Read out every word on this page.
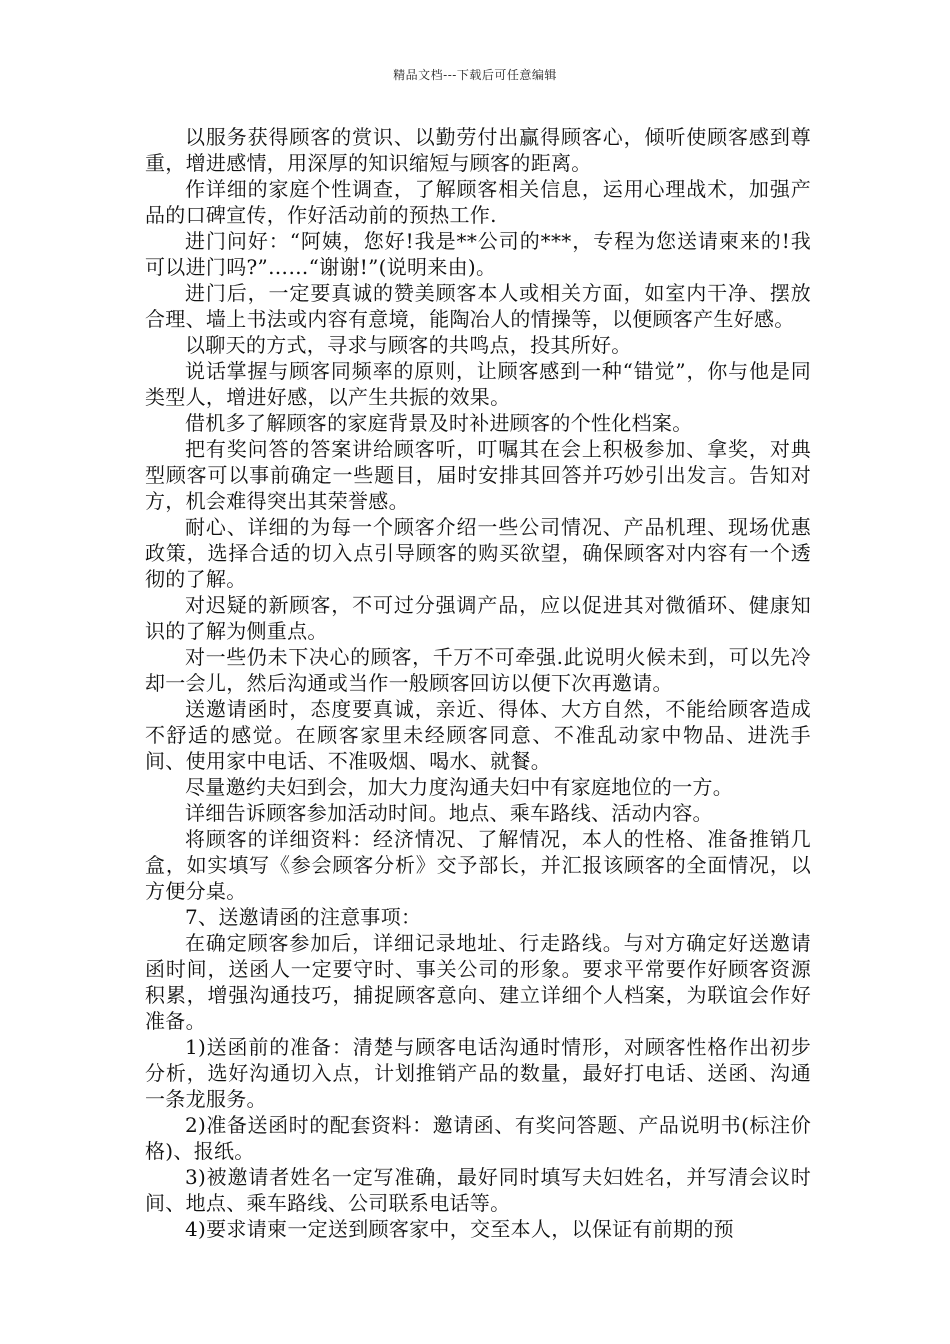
精品文档---下载后可任意编辑

以服务获得顾客的赏识、以勤劳付出赢得顾客心，倾听使顾客感到尊重，增进感情，用深厚的知识缩短与顾客的距离。

作详细的家庭个性调查，了解顾客相关信息，运用心理战术，加强产品的口碑宣传，作好活动前的预热工作.

进门问好：“阿姨，您好!我是**公司的***，专程为您送请柬来的!我可以进门吗?”……“谢谢!”(说明来由)。

进门后，一定要真诚的赞美顾客本人或相关方面，如室内干净、摆放合理、墙上书法或内容有意境，能陶冶人的情操等，以便顾客产生好感。

以聊天的方式，寻求与顾客的共鸣点，投其所好。

说话掌握与顾客同频率的原则，让顾客感到一种“错觉”，你与他是同类型人，增进好感，以产生共振的效果。

借机多了解顾客的家庭背景及时补进顾客的个性化档案。

把有奖问答的答案讲给顾客听，叮嘱其在会上积极参加、拿奖，对典型顾客可以事前确定一些题目，届时安排其回答并巧妙引出发言。告知对方，机会难得突出其荣誉感。

耐心、详细的为每一个顾客介绍一些公司情况、产品机理、现场优惠政策，选择合适的切入点引导顾客的购买欲望，确保顾客对内容有一个透彻的了解。

对迟疑的新顾客，不可过分强调产品，应以促进其对微循环、健康知识的了解为侧重点。

对一些仍未下决心的顾客，千万不可牵强.此说明火候未到，可以先冷却一会儿，然后沟通或当作一般顾客回访以便下次再邀请。

送邀请函时，态度要真诚，亲近、得体、大方自然，不能给顾客造成不舒适的感觉。在顾客家里未经顾客同意、不准乱动家中物品、进洗手间、使用家中电话、不准吸烟、喝水、就餐。

尽量邀约夫妇到会，加大力度沟通夫妇中有家庭地位的一方。

详细告诉顾客参加活动时间。地点、乘车路线、活动内容。

将顾客的详细资料：经济情况、了解情况，本人的性格、准备推销几盒，如实填写《参会顾客分析》交予部长，并汇报该顾客的全面情况，以方便分桌。

7、送邀请函的注意事项：

在确定顾客参加后，详细记录地址、行走路线。与对方确定好送邀请函时间，送函人一定要守时、事关公司的形象。要求平常要作好顾客资源积累，增强沟通技巧，捕捉顾客意向、建立详细个人档案，为联谊会作好准备。

1)送函前的准备：清楚与顾客电话沟通时情形，对顾客性格作出初步分析，选好沟通切入点，计划推销产品的数量，最好打电话、送函、沟通一条龙服务。

2)准备送函时的配套资料：邀请函、有奖问答题、产品说明书(标注价格)、报纸。

3)被邀请者姓名一定写准确，最好同时填写夫妇姓名，并写清会议时间、地点、乘车路线、公司联系电话等。

4)要求请柬一定送到顾客家中，交至本人，以保证有前期的预
